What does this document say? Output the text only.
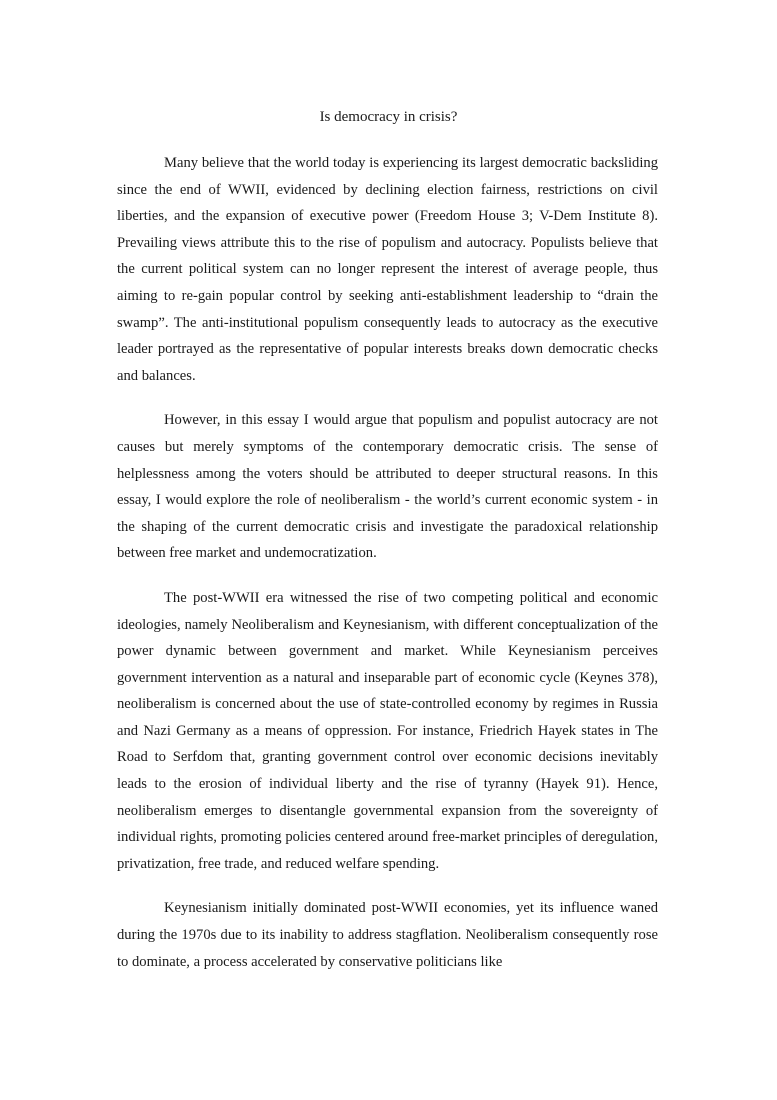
Is democracy in crisis?

Many believe that the world today is experiencing its largest democratic backsliding since the end of WWII, evidenced by declining election fairness, restrictions on civil liberties, and the expansion of executive power (Freedom House 3; V-Dem Institute 8). Prevailing views attribute this to the rise of populism and autocracy. Populists believe that the current political system can no longer represent the interest of average people, thus aiming to re-gain popular control by seeking anti-establishment leadership to “drain the swamp”. The anti-institutional populism consequently leads to autocracy as the executive leader portrayed as the representative of popular interests breaks down democratic checks and balances.

However, in this essay I would argue that populism and populist autocracy are not causes but merely symptoms of the contemporary democratic crisis. The sense of helplessness among the voters should be attributed to deeper structural reasons. In this essay, I would explore the role of neoliberalism - the world’s current economic system - in the shaping of the current democratic crisis and investigate the paradoxical relationship between free market and undemocratization.

The post-WWII era witnessed the rise of two competing political and economic ideologies, namely Neoliberalism and Keynesianism, with different conceptualization of the power dynamic between government and market. While Keynesianism perceives government intervention as a natural and inseparable part of economic cycle (Keynes 378), neoliberalism is concerned about the use of state-controlled economy by regimes in Russia and Nazi Germany as a means of oppression. For instance, Friedrich Hayek states in The Road to Serfdom that, granting government control over economic decisions inevitably leads to the erosion of individual liberty and the rise of tyranny (Hayek 91). Hence, neoliberalism emerges to disentangle governmental expansion from the sovereignty of individual rights, promoting policies centered around free-market principles of deregulation, privatization, free trade, and reduced welfare spending.

Keynesianism initially dominated post-WWII economies, yet its influence waned during the 1970s due to its inability to address stagflation. Neoliberalism consequently rose to dominate, a process accelerated by conservative politicians like
